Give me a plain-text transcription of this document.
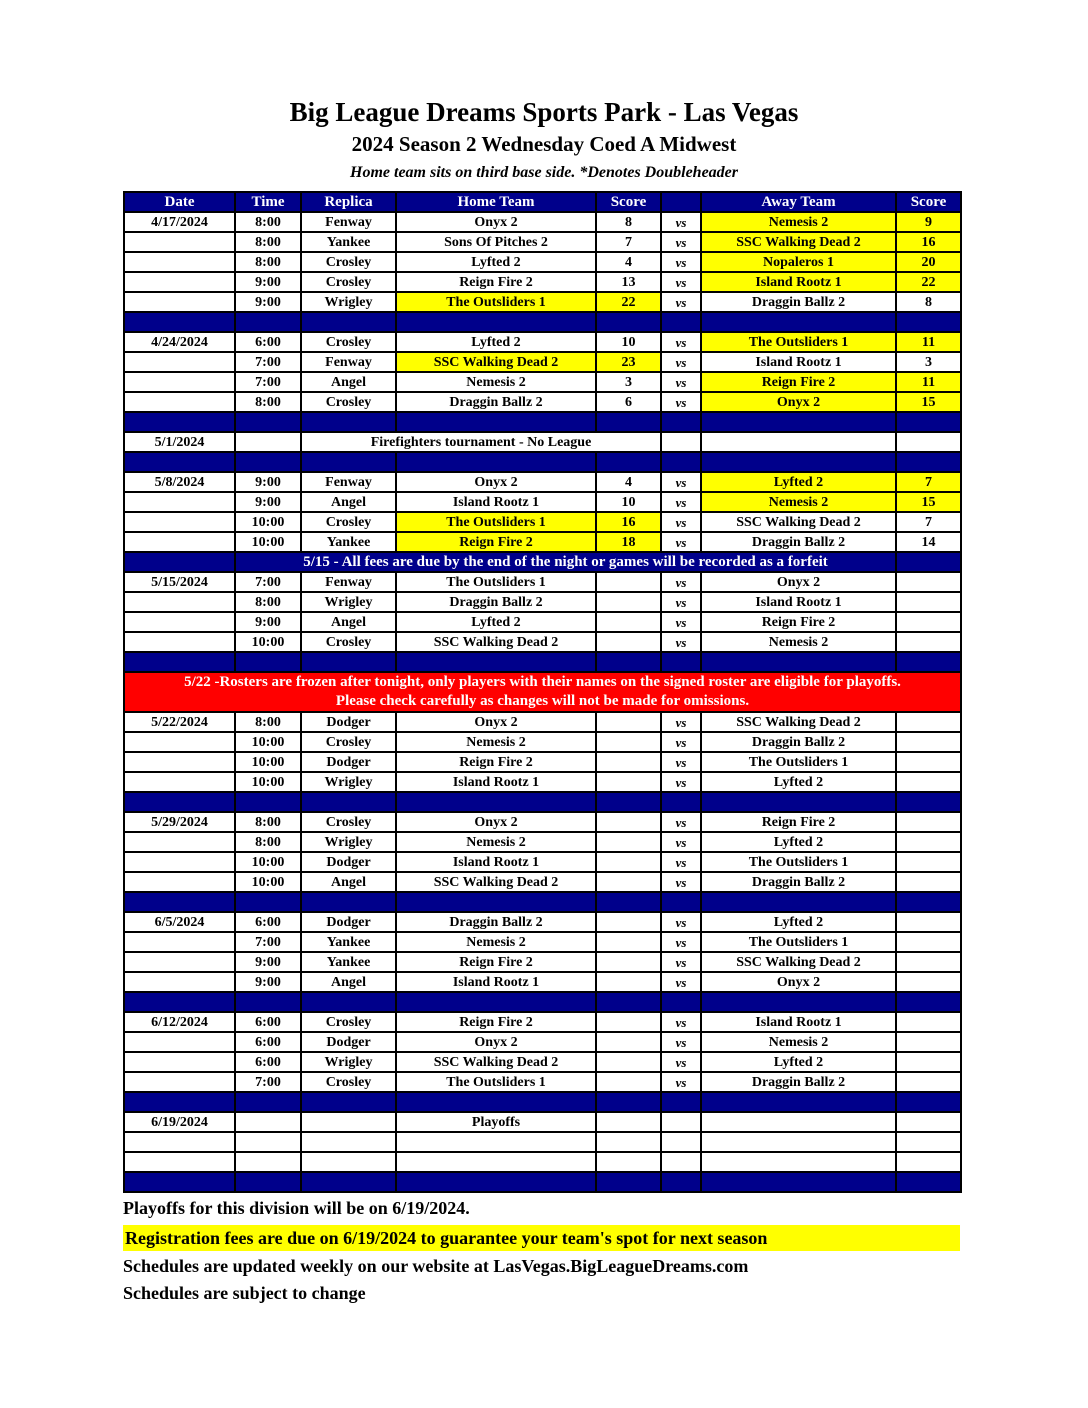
Big League Dreams Sports Park - Las Vegas
2024 Season 2 Wednesday Coed A Midwest
Home team sits on third base side. *Denotes Doubleheader
Date	Time	Replica	Home Team	Score		Away Team	Score
4/17/2024	8:00	Fenway	Onyx 2	8	vs	Nemesis 2	9
	8:00	Yankee	Sons Of Pitches 2	7	vs	SSC Walking Dead 2	16
	8:00	Crosley	Lyfted 2	4	vs	Nopaleros 1	20
	9:00	Crosley	Reign Fire 2	13	vs	Island Rootz 1	22
	9:00	Wrigley	The Outsliders 1	22	vs	Draggin Ballz 2	8

4/24/2024	6:00	Crosley	Lyfted 2	10	vs	The Outsliders 1	11
	7:00	Fenway	SSC Walking Dead 2	23	vs	Island Rootz 1	3
	7:00	Angel	Nemesis 2	3	vs	Reign Fire 2	11
	8:00	Crosley	Draggin Ballz 2	6	vs	Onyx 2	15

5/1/2024		Firefighters tournament - No League					

5/8/2024	9:00	Fenway	Onyx 2	4	vs	Lyfted 2	7
	9:00	Angel	Island Rootz 1	10	vs	Nemesis 2	15
	10:00	Crosley	The Outsliders 1	16	vs	SSC Walking Dead 2	7
	10:00	Yankee	Reign Fire 2	18	vs	Draggin Ballz 2	14
	5/15 - All fees are due by the end of the night or games will be recorded as a forfeit						
5/15/2024	7:00	Fenway	The Outsliders 1		vs	Onyx 2	
	8:00	Wrigley	Draggin Ballz 2		vs	Island Rootz 1	
	9:00	Angel	Lyfted 2		vs	Reign Fire 2	
	10:00	Crosley	SSC Walking Dead 2		vs	Nemesis 2	

5/22 -Rosters are frozen after tonight, only players with their names on the signed roster are eligible for playoffs.
Please check carefully as changes will not be made for omissions.							

5/22/2024	8:00	Dodger	Onyx 2		vs	SSC Walking Dead 2	
	10:00	Crosley	Nemesis 2		vs	Draggin Ballz 2	
	10:00	Dodger	Reign Fire 2		vs	The Outsliders 1	
	10:00	Wrigley	Island Rootz 1		vs	Lyfted 2	

5/29/2024	8:00	Crosley	Onyx 2		vs	Reign Fire 2	
	8:00	Wrigley	Nemesis 2		vs	Lyfted 2	
	10:00	Dodger	Island Rootz 1		vs	The Outsliders 1	
	10:00	Angel	SSC Walking Dead 2		vs	Draggin Ballz 2	

6/5/2024	6:00	Dodger	Draggin Ballz 2		vs	Lyfted 2	
	7:00	Yankee	Nemesis 2		vs	The Outsliders 1	
	9:00	Yankee	Reign Fire 2		vs	SSC Walking Dead 2	
	9:00	Angel	Island Rootz 1		vs	Onyx 2	

6/12/2024	6:00	Crosley	Reign Fire 2		vs	Island Rootz 1	
	6:00	Dodger	Onyx 2		vs	Nemesis 2	
	6:00	Wrigley	SSC Walking Dead 2		vs	Lyfted 2	
	7:00	Crosley	The Outsliders 1		vs	Draggin Ballz 2	

6/19/2024			Playoffs				

Playoffs for this division will be on 6/19/2024.
Registration fees are due on 6/19/2024 to guarantee your team's spot for next season
Schedules are updated weekly on our website at LasVegas.BigLeagueDreams.com
Schedules are subject to change
